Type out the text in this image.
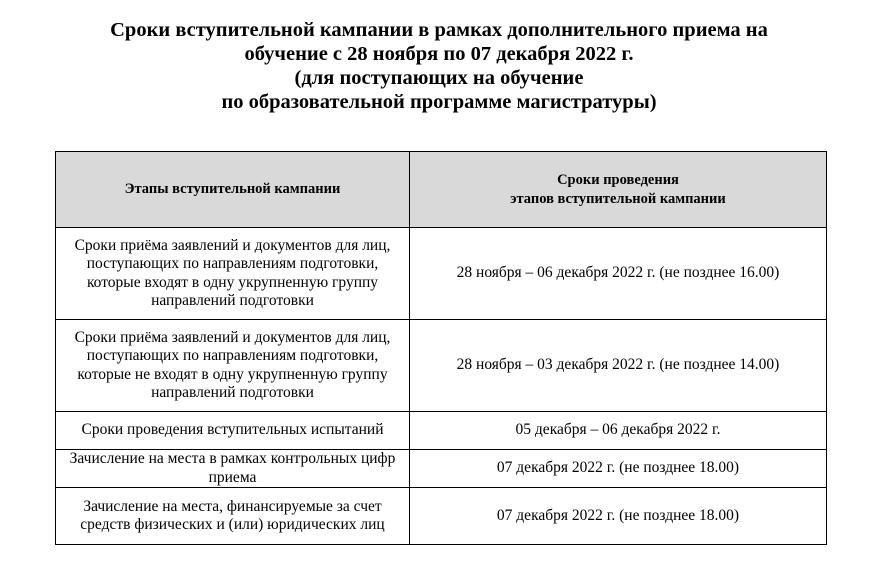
Сроки вступительной кампании в рамках дополнительного приема на
обучение с 28 ноября по 07 декабря 2022 г.
(для поступающих на обучение
по образовательной программе магистратуры)
Этапы вступительной кампании	Сроки проведения
этапов вступительной кампании

Сроки приёма заявлений и документов для лиц, поступающих по направлениям подготовки, которые входят в одну укрупненную группу направлений подготовки	28 ноября – 06 декабря 2022 г. (не позднее 16.00)
Сроки приёма заявлений и документов для лиц, поступающих по направлениям подготовки, которые не входят в одну укрупненную группу направлений подготовки	28 ноября – 03 декабря 2022 г. (не позднее 14.00)
Сроки проведения вступительных испытаний	05 декабря – 06 декабря 2022 г.
Зачисление на места в рамках контрольных цифр приема	07 декабря 2022 г. (не позднее 18.00)
Зачисление на места, финансируемые за счет средств физических и (или) юридических лиц	07 декабря 2022 г. (не позднее 18.00)
